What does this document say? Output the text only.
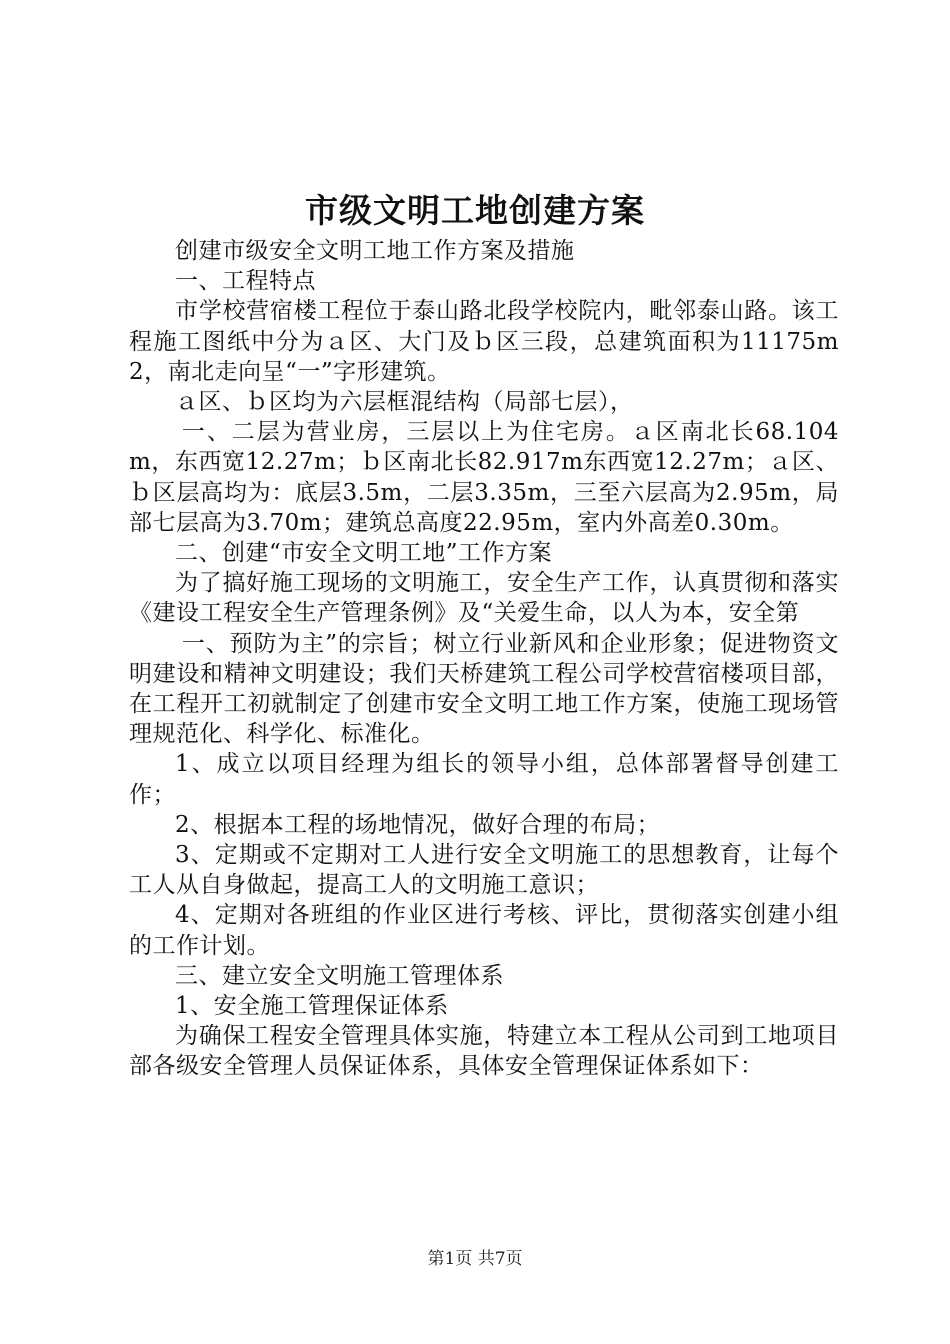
市级文明工地创建方案

创建市级安全文明工地工作方案及措施

一、工程特点

市学校营宿楼工程位于泰山路北段学校院内，毗邻泰山路。该工程施工图纸中分为ａ区、大门及ｂ区三段，总建筑面积为11175m2，南北走向呈“一”字形建筑。

ａ区、ｂ区均为六层框混结构（局部七层），

一、二层为营业房，三层以上为住宅房。ａ区南北长68.104m，东西宽12.27m；ｂ区南北长82.917m东西宽12.27m；ａ区、ｂ区层高均为：底层3.5m，二层3.35m，三至六层高为2.95m，局部七层高为3.70m；建筑总高度22.95m，室内外高差0.30m。

二、创建“市安全文明工地”工作方案

为了搞好施工现场的文明施工，安全生产工作，认真贯彻和落实《建设工程安全生产管理条例》及“关爱生命，以人为本，安全第

一、预防为主”的宗旨；树立行业新风和企业形象；促进物资文明建设和精神文明建设；我们天桥建筑工程公司学校营宿楼项目部，在工程开工初就制定了创建市安全文明工地工作方案，使施工现场管理规范化、科学化、标准化。

1、成立以项目经理为组长的领导小组，总体部署督导创建工作；

2、根据本工程的场地情况，做好合理的布局；

3、定期或不定期对工人进行安全文明施工的思想教育，让每个工人从自身做起，提高工人的文明施工意识；

4、定期对各班组的作业区进行考核、评比，贯彻落实创建小组的工作计划。

三、建立安全文明施工管理体系

1、安全施工管理保证体系

为确保工程安全管理具体实施，特建立本工程从公司到工地项目部各级安全管理人员保证体系，具体安全管理保证体系如下：

第1页 共7页
